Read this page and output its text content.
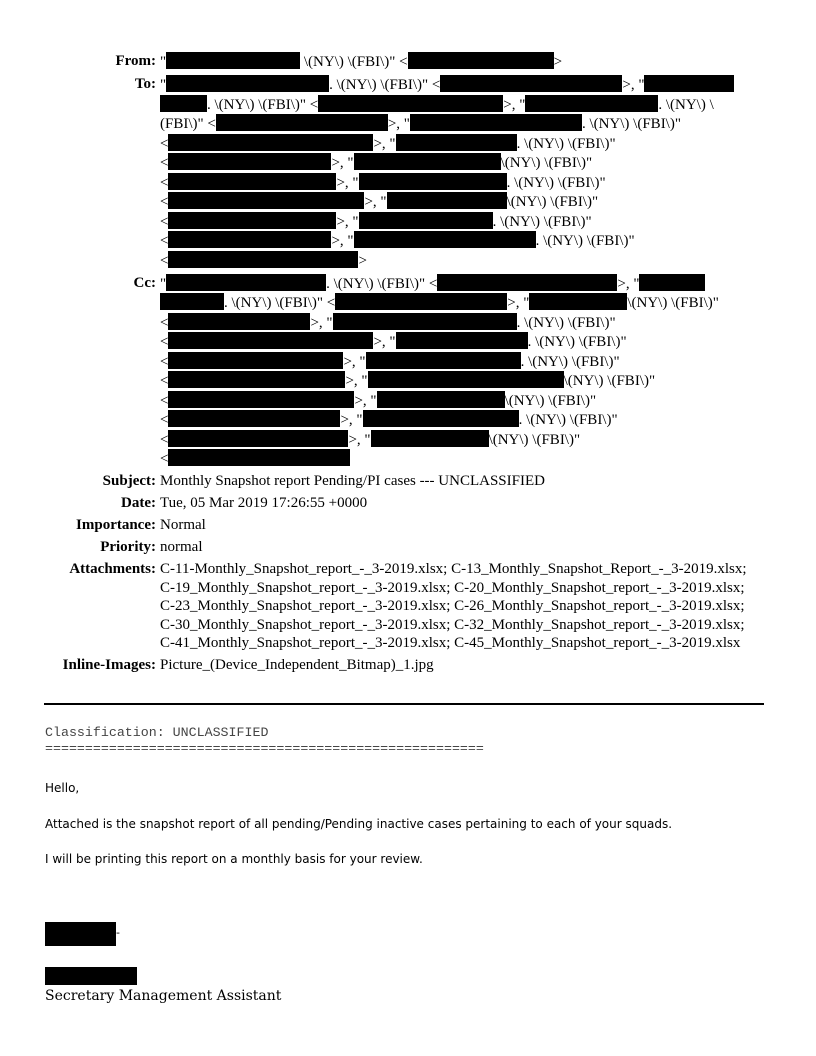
From: "	\(NY\) \(FBI\)" <	>
To: "	. \(NY\) \(FBI\)" <	>, "
. \(NY\) \(FBI\)" <	>, "	. \(NY\) \
(FBI\)" <	>, "	. \(NY\) \(FBI\)"
<	>, "	. \(NY\) \(FBI\)"
<	>, "	\(NY\) \(FBI\)"
<	>, "	. \(NY\) \(FBI\)"
<	>, "	\(NY\) \(FBI\)"
<	>, "	. \(NY\) \(FBI\)"
<	>, "	. \(NY\) \(FBI\)"
<	>
Cc: "	. \(NY\) \(FBI\)" <	>, "
. \(NY\) \(FBI\)" <	>, "	\(NY\) \(FBI\)"
<	>, "	. \(NY\) \(FBI\)"
<	>, "	. \(NY\) \(FBI\)"
<	>, "	. \(NY\) \(FBI\)"
<	>, "	\(NY\) \(FBI\)"
<	>, "	\(NY\) \(FBI\)"
<	>, "	. \(NY\) \(FBI\)"
<	>, "	\(NY\) \(FBI\)"
<
Subject: Monthly Snapshot report Pending/PI cases --- UNCLASSIFIED
Date: Tue, 05 Mar 2019 17:26:55 +0000
Importance: Normal
Priority: normal
Attachments: C-11-Monthly_Snapshot_report_-_3-2019.xlsx; C-13_Monthly_Snapshot_Report_-_3-2019.xlsx; C-19_Monthly_Snapshot_report_-_3-2019.xlsx; C-20_Monthly_Snapshot_report_-_3-2019.xlsx; C-23_Monthly_Snapshot_report_-_3-2019.xlsx; C-26_Monthly_Snapshot_report_-_3-2019.xlsx; C-30_Monthly_Snapshot_report_-_3-2019.xlsx; C-32_Monthly_Snapshot_report_-_3-2019.xlsx; C-41_Monthly_Snapshot_report_-_3-2019.xlsx; C-45_Monthly_Snapshot_report_-_3-2019.xlsx
Inline-Images: Picture_(Device_Independent_Bitmap)_1.jpg
Classification: UNCLASSIFIED
=======================================================
Hello,
Attached is the snapshot report of all pending/Pending inactive cases pertaining to each of your squads.
I will be printing this report on a monthly basis for your review.
-
Secretary Management Assistant
